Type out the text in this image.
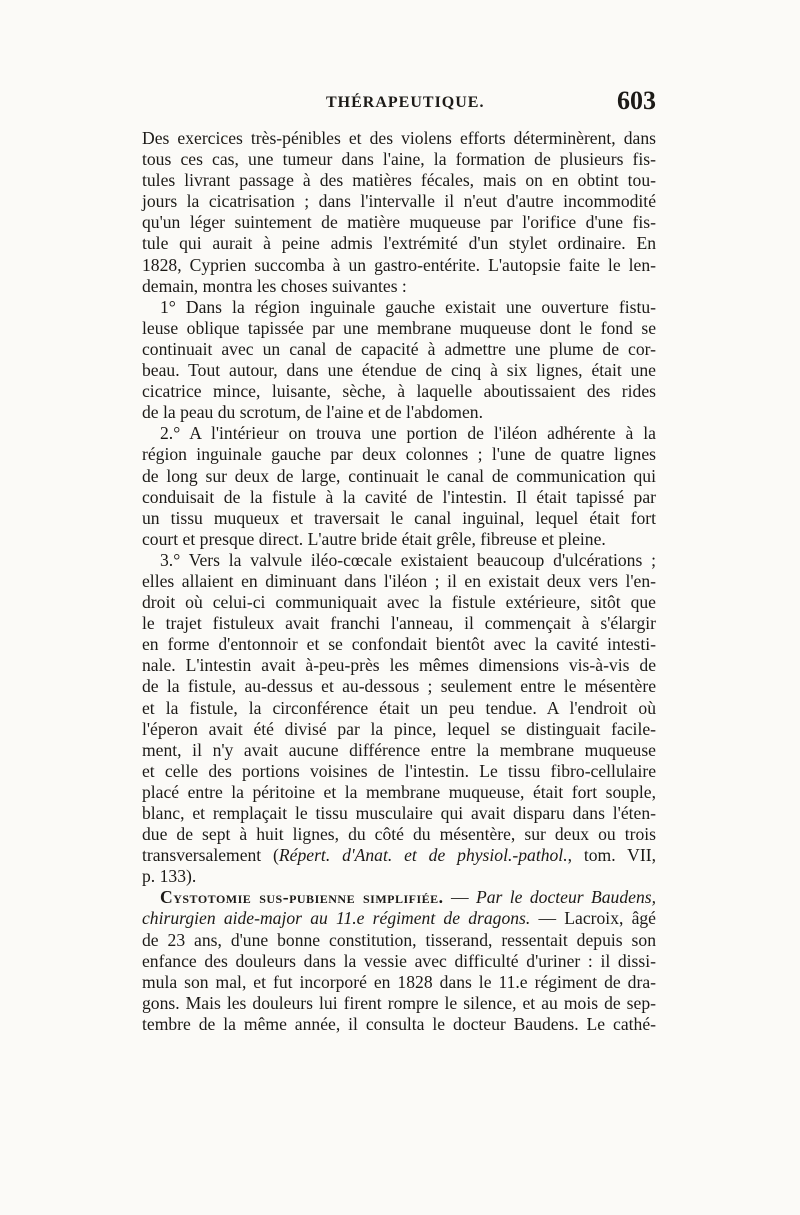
THÉRAPEUTIQUE.	603
Des exercices très-pénibles et des violens efforts déterminèrent, dans
tous ces cas, une tumeur dans l'aine, la formation de plusieurs fis-
tules livrant passage à des matières fécales, mais on en obtint tou-
jours la cicatrisation ; dans l'intervalle il n'eut d'autre incommodité
qu'un léger suintement de matière muqueuse par l'orifice d'une fis-
tule qui aurait à peine admis l'extrémité d'un stylet ordinaire. En
1828, Cyprien succomba à un gastro-entérite. L'autopsie faite le len-
demain, montra les choses suivantes :
1° Dans la région inguinale gauche existait une ouverture fistu-
leuse oblique tapissée par une membrane muqueuse dont le fond se
continuait avec un canal de capacité à admettre une plume de cor-
beau. Tout autour, dans une étendue de cinq à six lignes, était une
cicatrice mince, luisante, sèche, à laquelle aboutissaient des rides
de la peau du scrotum, de l'aine et de l'abdomen.
2.° A l'intérieur on trouva une portion de l'iléon adhérente à la
région inguinale gauche par deux colonnes ; l'une de quatre lignes
de long sur deux de large, continuait le canal de communication qui
conduisait de la fistule à la cavité de l'intestin. Il était tapissé par
un tissu muqueux et traversait le canal inguinal, lequel était fort
court et presque direct. L'autre bride était grêle, fibreuse et pleine.
3.° Vers la valvule iléo-cœcale existaient beaucoup d'ulcérations ;
elles allaient en diminuant dans l'iléon ; il en existait deux vers l'en-
droit où celui-ci communiquait avec la fistule extérieure, sitôt que
le trajet fistuleux avait franchi l'anneau, il commençait à s'élargir
en forme d'entonnoir et se confondait bientôt avec la cavité intesti-
nale. L'intestin avait à-peu-près les mêmes dimensions vis-à-vis de
de la fistule, au-dessus et au-dessous ; seulement entre le mésentère
et la fistule, la circonférence était un peu tendue. A l'endroit où
l'éperon avait été divisé par la pince, lequel se distinguait facile-
ment, il n'y avait aucune différence entre la membrane muqueuse
et celle des portions voisines de l'intestin. Le tissu fibro-cellulaire
placé entre la péritoine et la membrane muqueuse, était fort souple,
blanc, et remplaçait le tissu musculaire qui avait disparu dans l'éten-
due de sept à huit lignes, du côté du mésentère, sur deux ou trois
transversalement (Répert. d'Anat. et de physiol.-pathol., tom. VII,
p. 133).
Cystotomie sus-pubienne simplifiée. — Par le docteur Baudens,
chirurgien aide-major au 11.e régiment de dragons. — Lacroix, âgé
de 23 ans, d'une bonne constitution, tisserand, ressentait depuis son
enfance des douleurs dans la vessie avec difficulté d'uriner : il dissi-
mula son mal, et fut incorporé en 1828 dans le 11.e régiment de dra-
gons. Mais les douleurs lui firent rompre le silence, et au mois de sep-
tembre de la même année, il consulta le docteur Baudens. Le cathé-
